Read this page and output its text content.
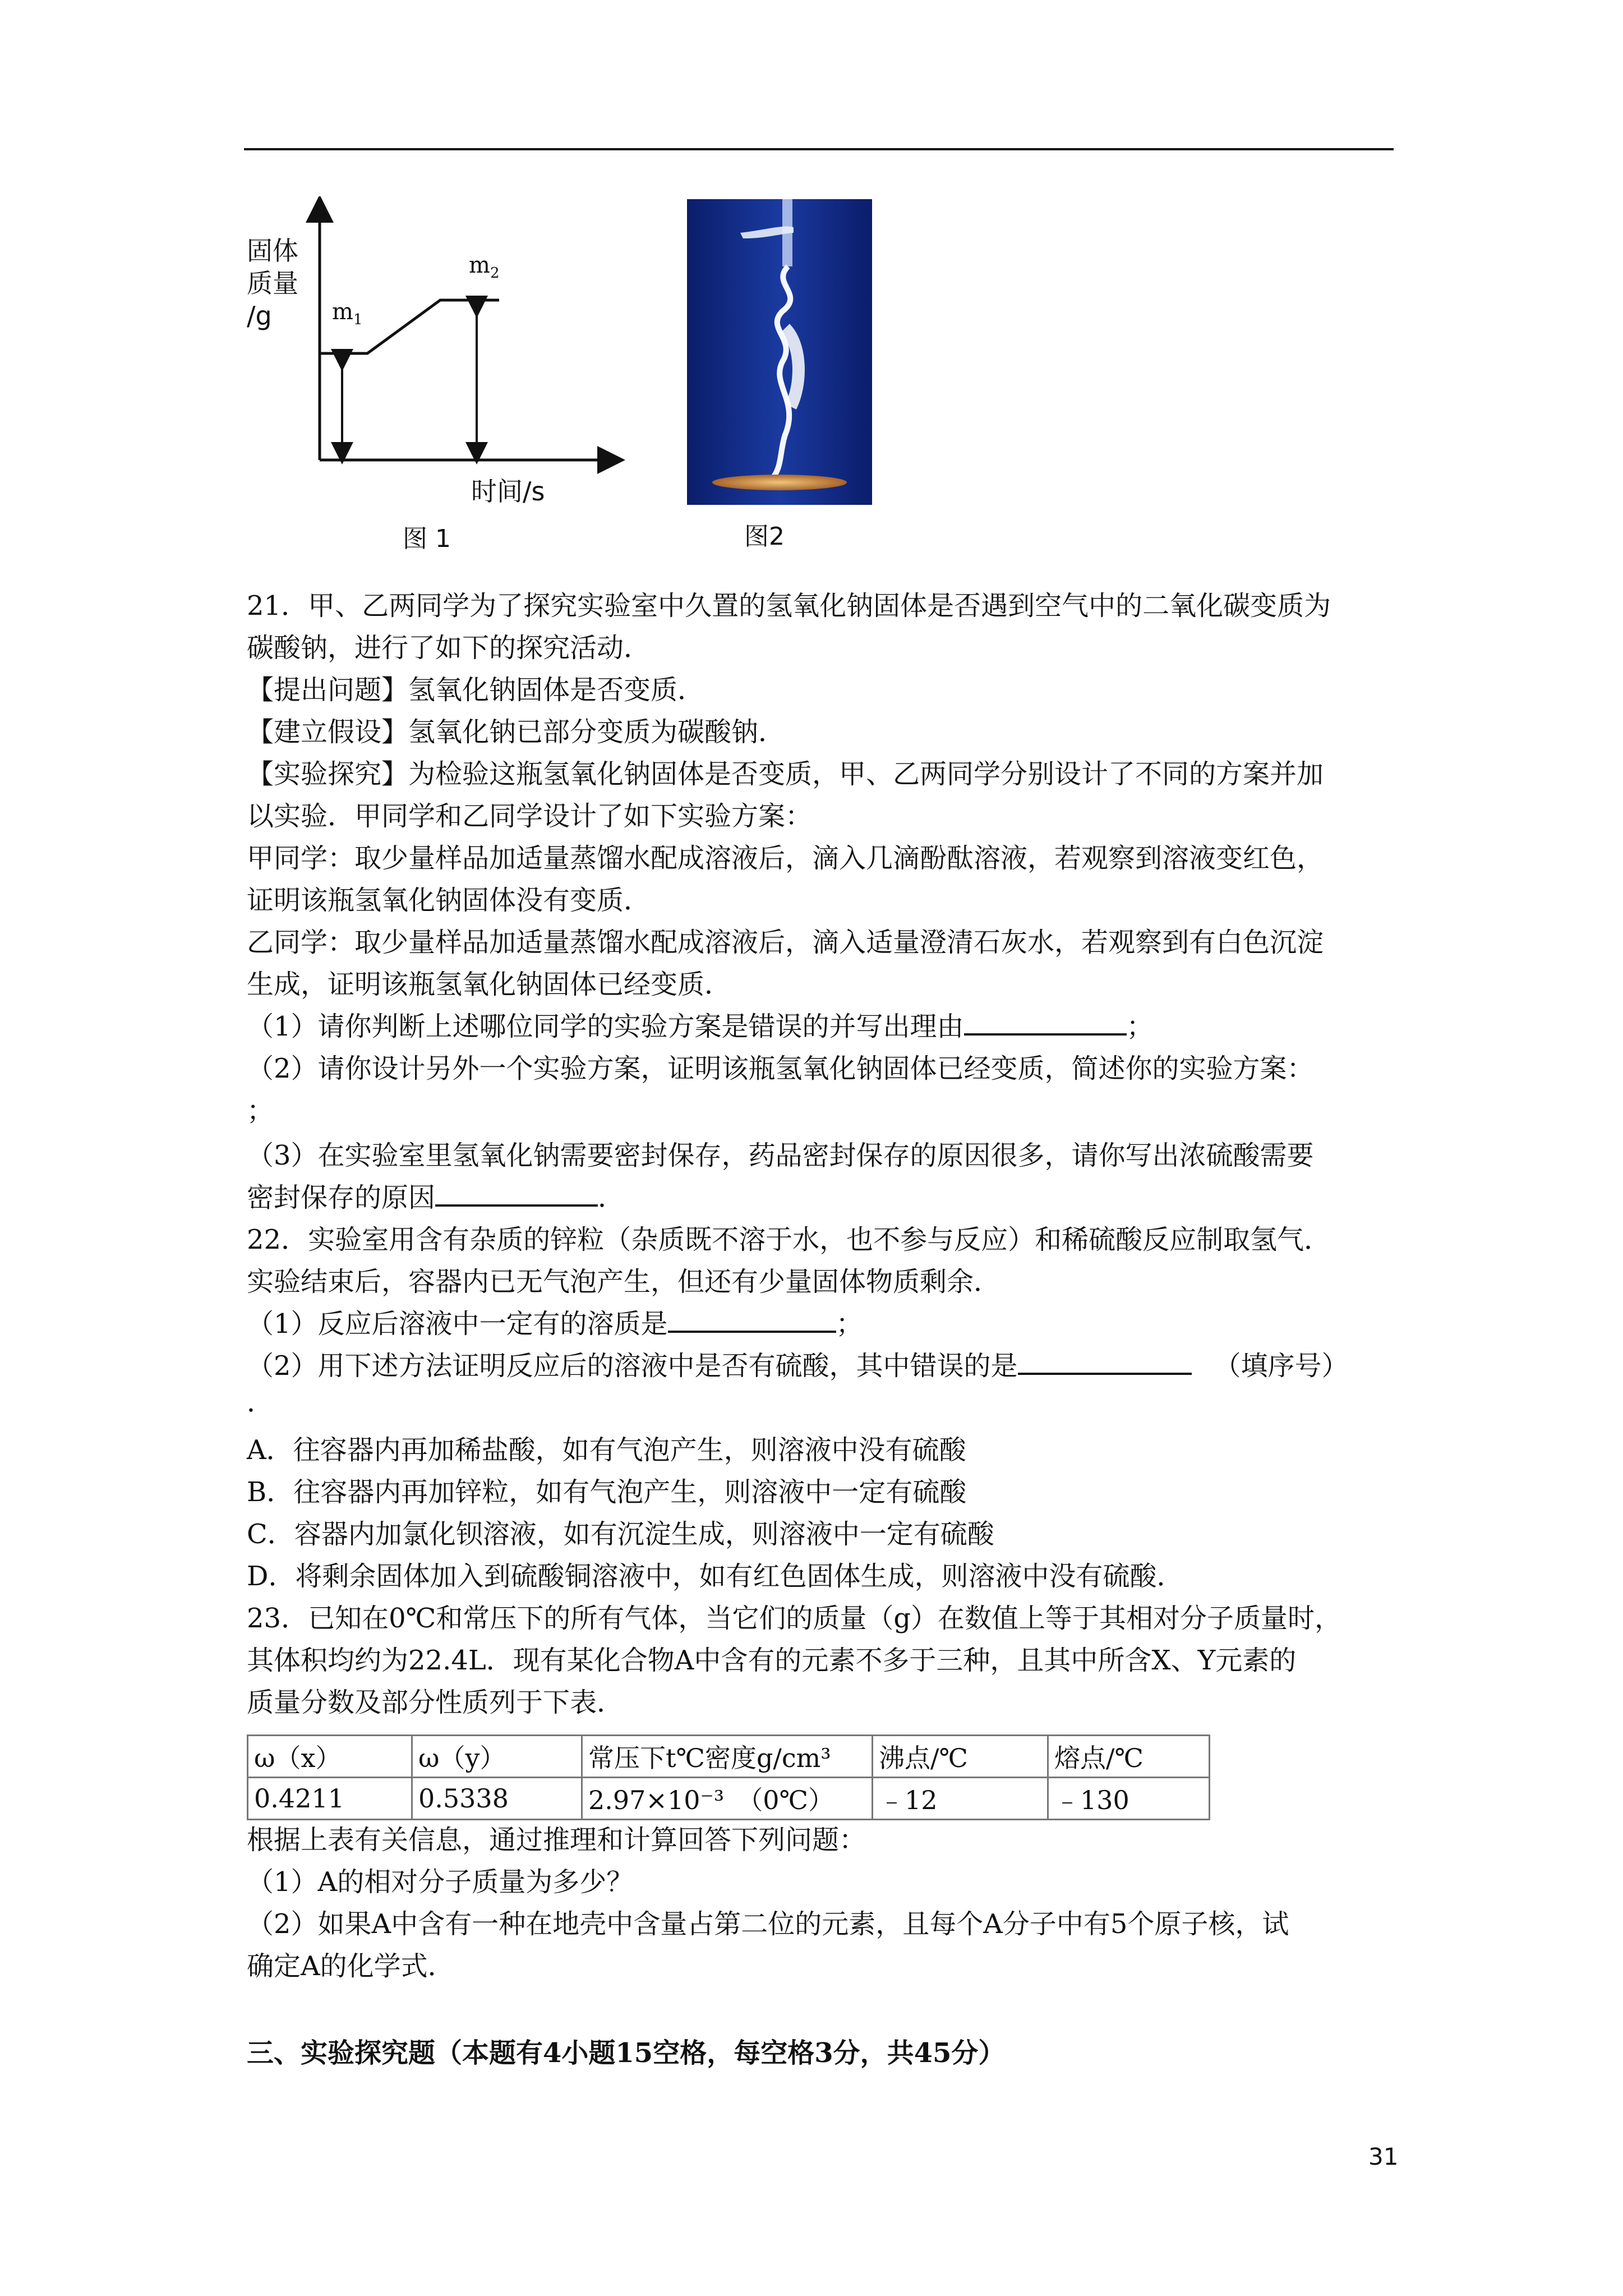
固体
质量
/g	$m_1$
$m_2$
时间/s
图 1	图2
21．甲、乙两同学为了探究实验室中久置的氢氧化钠固体是否遇到空气中的二氧化碳变质为
碳酸钠，进行了如下的探究活动．
【提出问题】氢氧化钠固体是否变质．
【建立假设】氢氧化钠已部分变质为碳酸钠．
【实验探究】为检验这瓶氢氧化钠固体是否变质，甲、乙两同学分别设计了不同的方案并加
以实验．甲同学和乙同学设计了如下实验方案：
甲同学：取少量样品加适量蒸馏水配成溶液后，滴入几滴酚酞溶液，若观察到溶液变红色，
证明该瓶氢氧化钠固体没有变质．
乙同学：取少量样品加适量蒸馏水配成溶液后，滴入适量澄清石灰水，若观察到有白色沉淀
生成，证明该瓶氢氧化钠固体已经变质．
（1）请你判断上述哪位同学的实验方案是错误的并写出理由	；
（2）请你设计另外一个实验方案，证明该瓶氢氧化钠固体已经变质，简述你的实验方案：
；
（3）在实验室里氢氧化钠需要密封保存，药品密封保存的原因很多，请你写出浓硫酸需要
密封保存的原因	．
22．实验室用含有杂质的锌粒（杂质既不溶于水，也不参与反应）和稀硫酸反应制取氢气．
实验结束后，容器内已无气泡产生，但还有少量固体物质剩余．
（1）反应后溶液中一定有的溶质是	；
（2）用下述方法证明反应后的溶液中是否有硫酸，其中错误的是	（填序号）
．
A．往容器内再加稀盐酸，如有气泡产生，则溶液中没有硫酸
B．往容器内再加锌粒，如有气泡产生，则溶液中一定有硫酸
C．容器内加氯化钡溶液，如有沉淀生成，则溶液中一定有硫酸
D．将剩余固体加入到硫酸铜溶液中，如有红色固体生成，则溶液中没有硫酸．
23．已知在0℃和常压下的所有气体，当它们的质量（g）在数值上等于其相对分子质量时，
其体积均约为22.4L．现有某化合物A中含有的元素不多于三种，且其中所含X、Y元素的
质量分数及部分性质列于下表．
ω（x）	ω（y）	常压下t℃密度g/cm³	沸点/℃	熔点/℃
0.4211	0.5338	2.97×10⁻³　（0℃）	﹣12	﹣130
根据上表有关信息，通过推理和计算回答下列问题：
（1）A的相对分子质量为多少？
（2）如果A中含有一种在地壳中含量占第二位的元素，且每个A分子中有5个原子核，试
确定A的化学式．
三、实验探究题（本题有4小题15空格，每空格3分，共45分）
31
